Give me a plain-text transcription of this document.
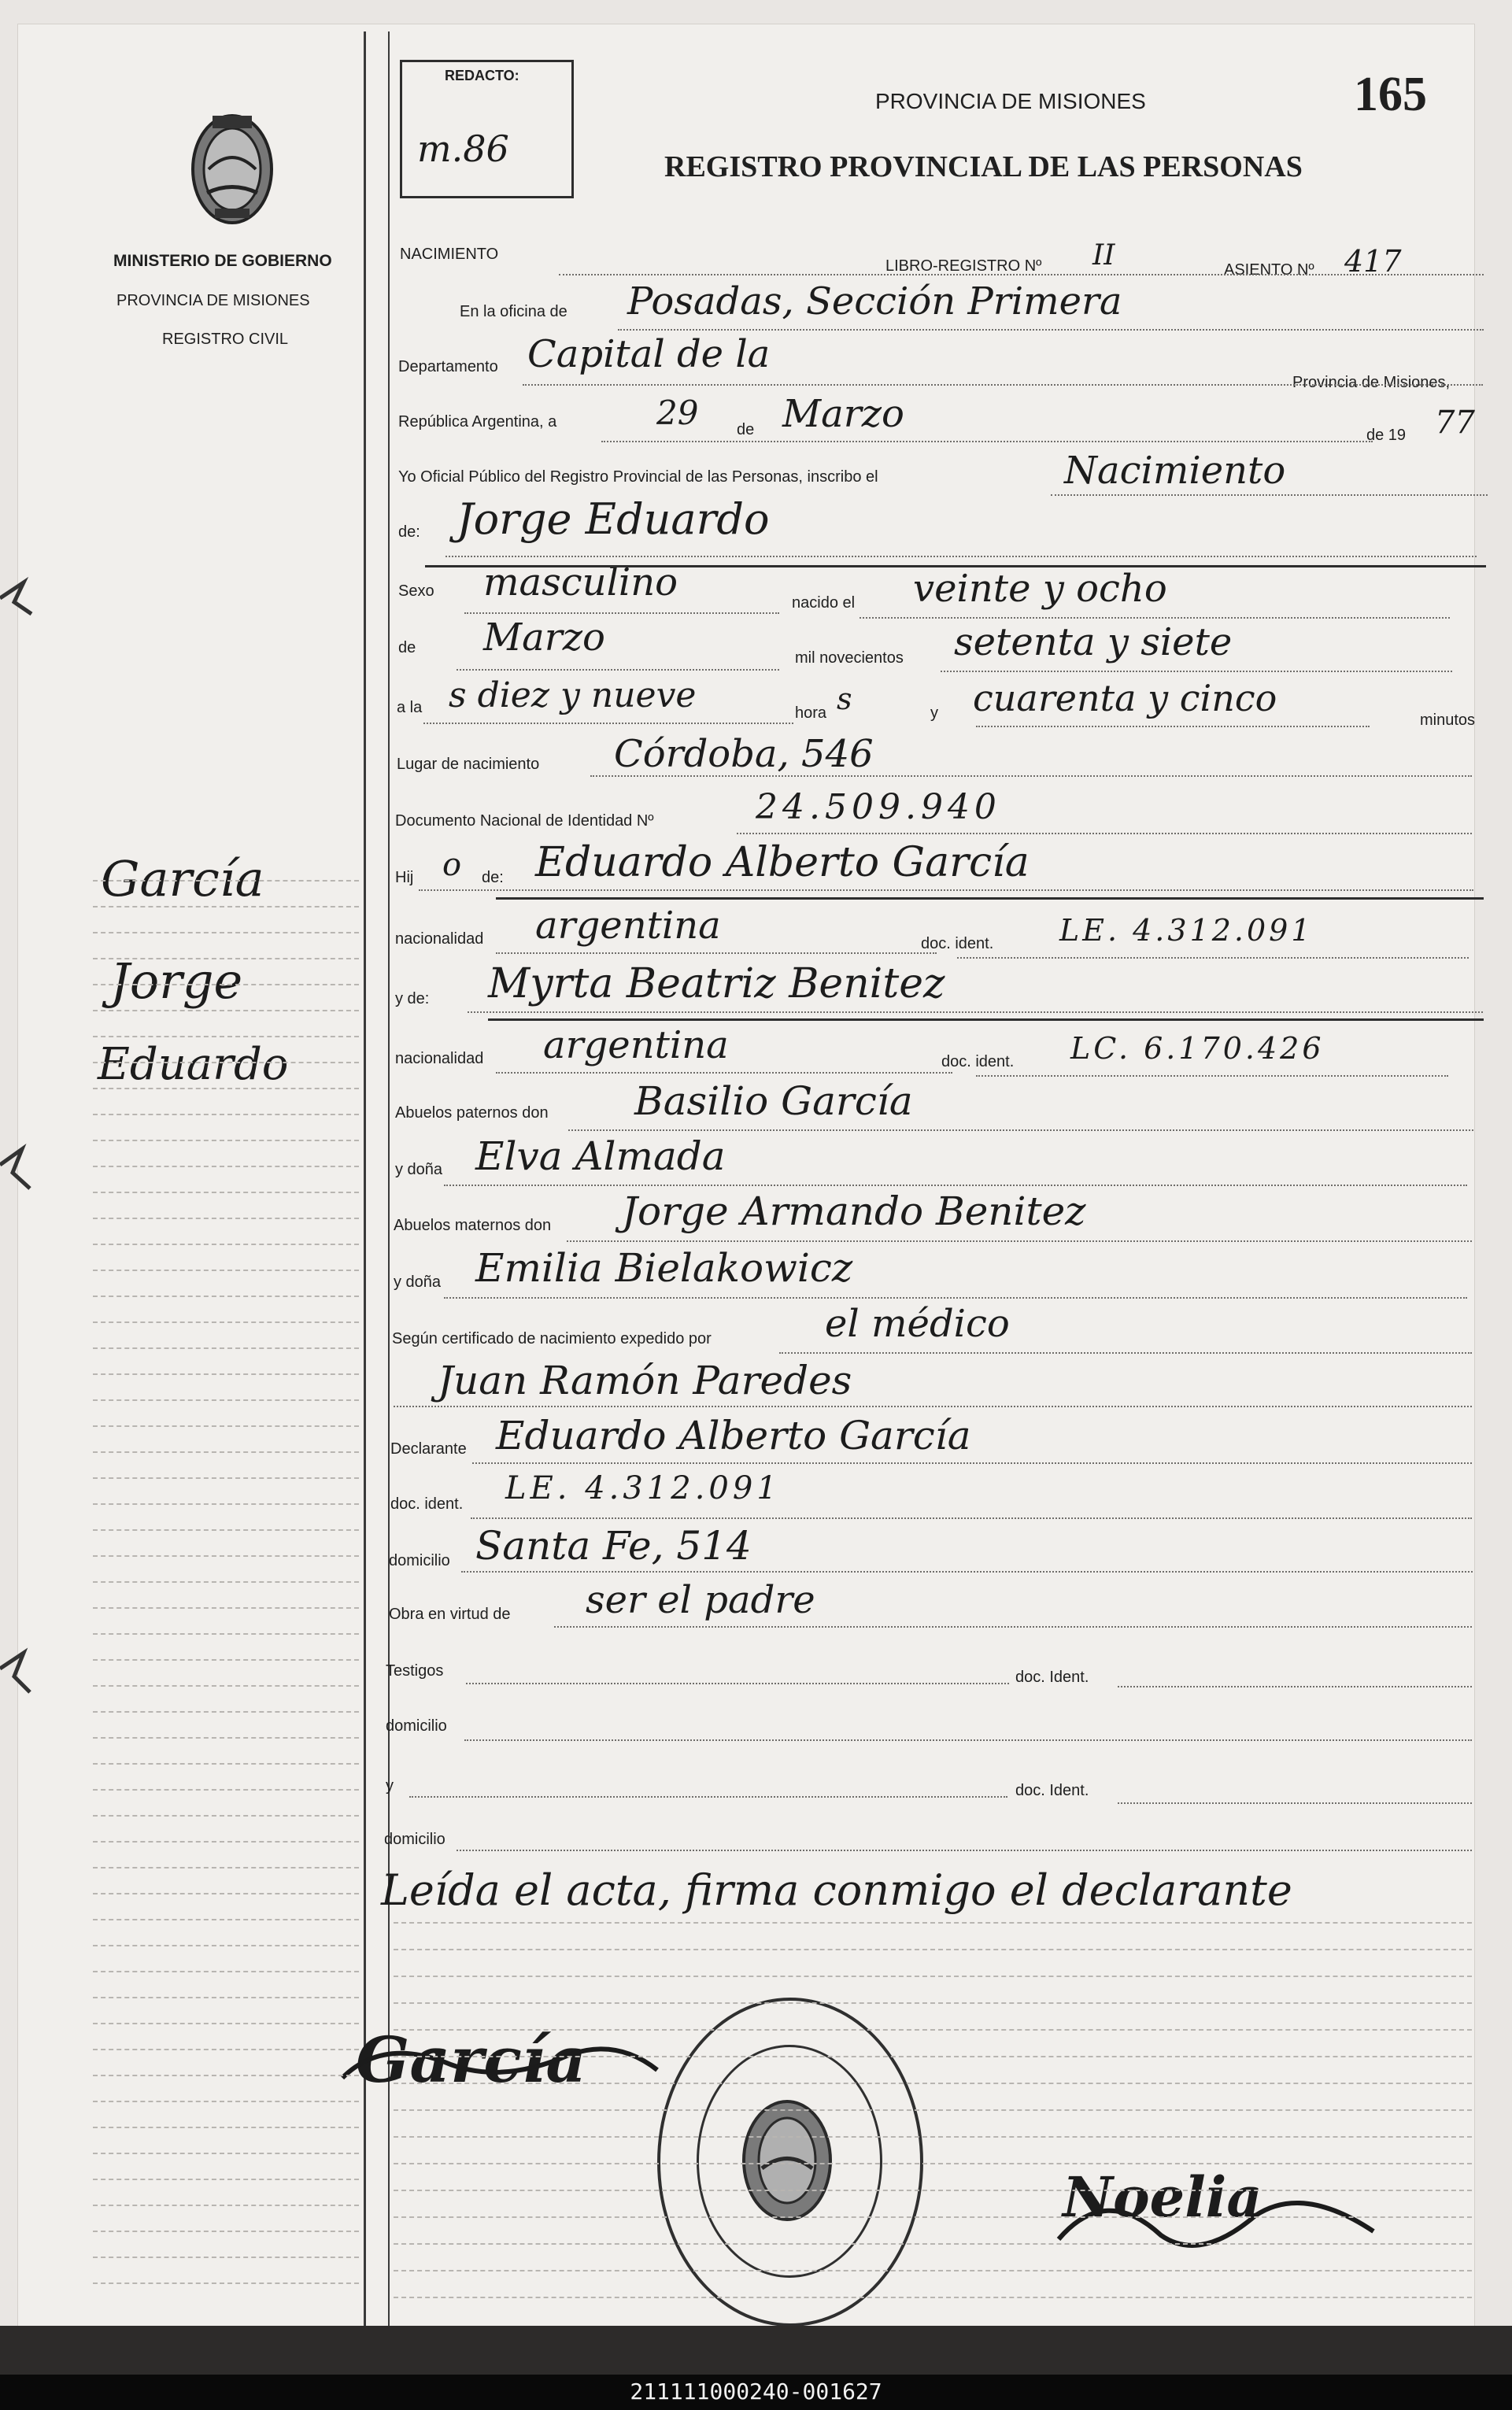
MINISTERIO DE GOBIERNO
PROVINCIA DE MISIONES
REGISTRO CIVIL
REDACTO:
m.86
PROVINCIA DE MISIONES
REGISTRO PROVINCIAL DE LAS PERSONAS
165
NACIMIENTO
LIBRO-REGISTRO Nº II	ASIENTO Nº 417
En la oficina de Posadas, Sección Primera
Departamento Capital de la
Provincia de Misiones,
República Argentina, a	29 de Marzo	de 19 77
Yo Oficial Público del Registro Provincial de las Personas, inscribo el	Nacimiento
de: Jorge Eduardo
Sexo masculino	nacido el veinte y ocho
de Marzo	mil novecientos setenta y siete
a la s diez y nueve	hora s	y cuarenta y cinco
minutos
Lugar de nacimiento Córdoba, 546
Documento Nacional de Identidad Nº	24.509.940
Hij o de: Eduardo Alberto García
nacionalidad argentina	doc. ident. LE. 4.312.091
y de: Myrta Beatriz Benitez
nacionalidad argentina	doc. ident. LC. 6.170.426
Abuelos paternos don Basilio García
y doña Elva Almada
Abuelos maternos don Jorge Armando Benitez
y doña Emilia Bielakowicz
Según certificado de nacimiento expedido por	el médico
Juan Ramón Paredes
Declarante Eduardo Alberto García
doc. ident. LE. 4.312.091
domicilio Santa Fe, 514
Obra en virtud de ser el padre
Testigos	doc. Ident.
domicilio
y	doc. Ident.
domicilio
Leída el acta, firma conmigo el declarante
García
Jorge
Eduardo
García
Noelia
211111000240-001627
